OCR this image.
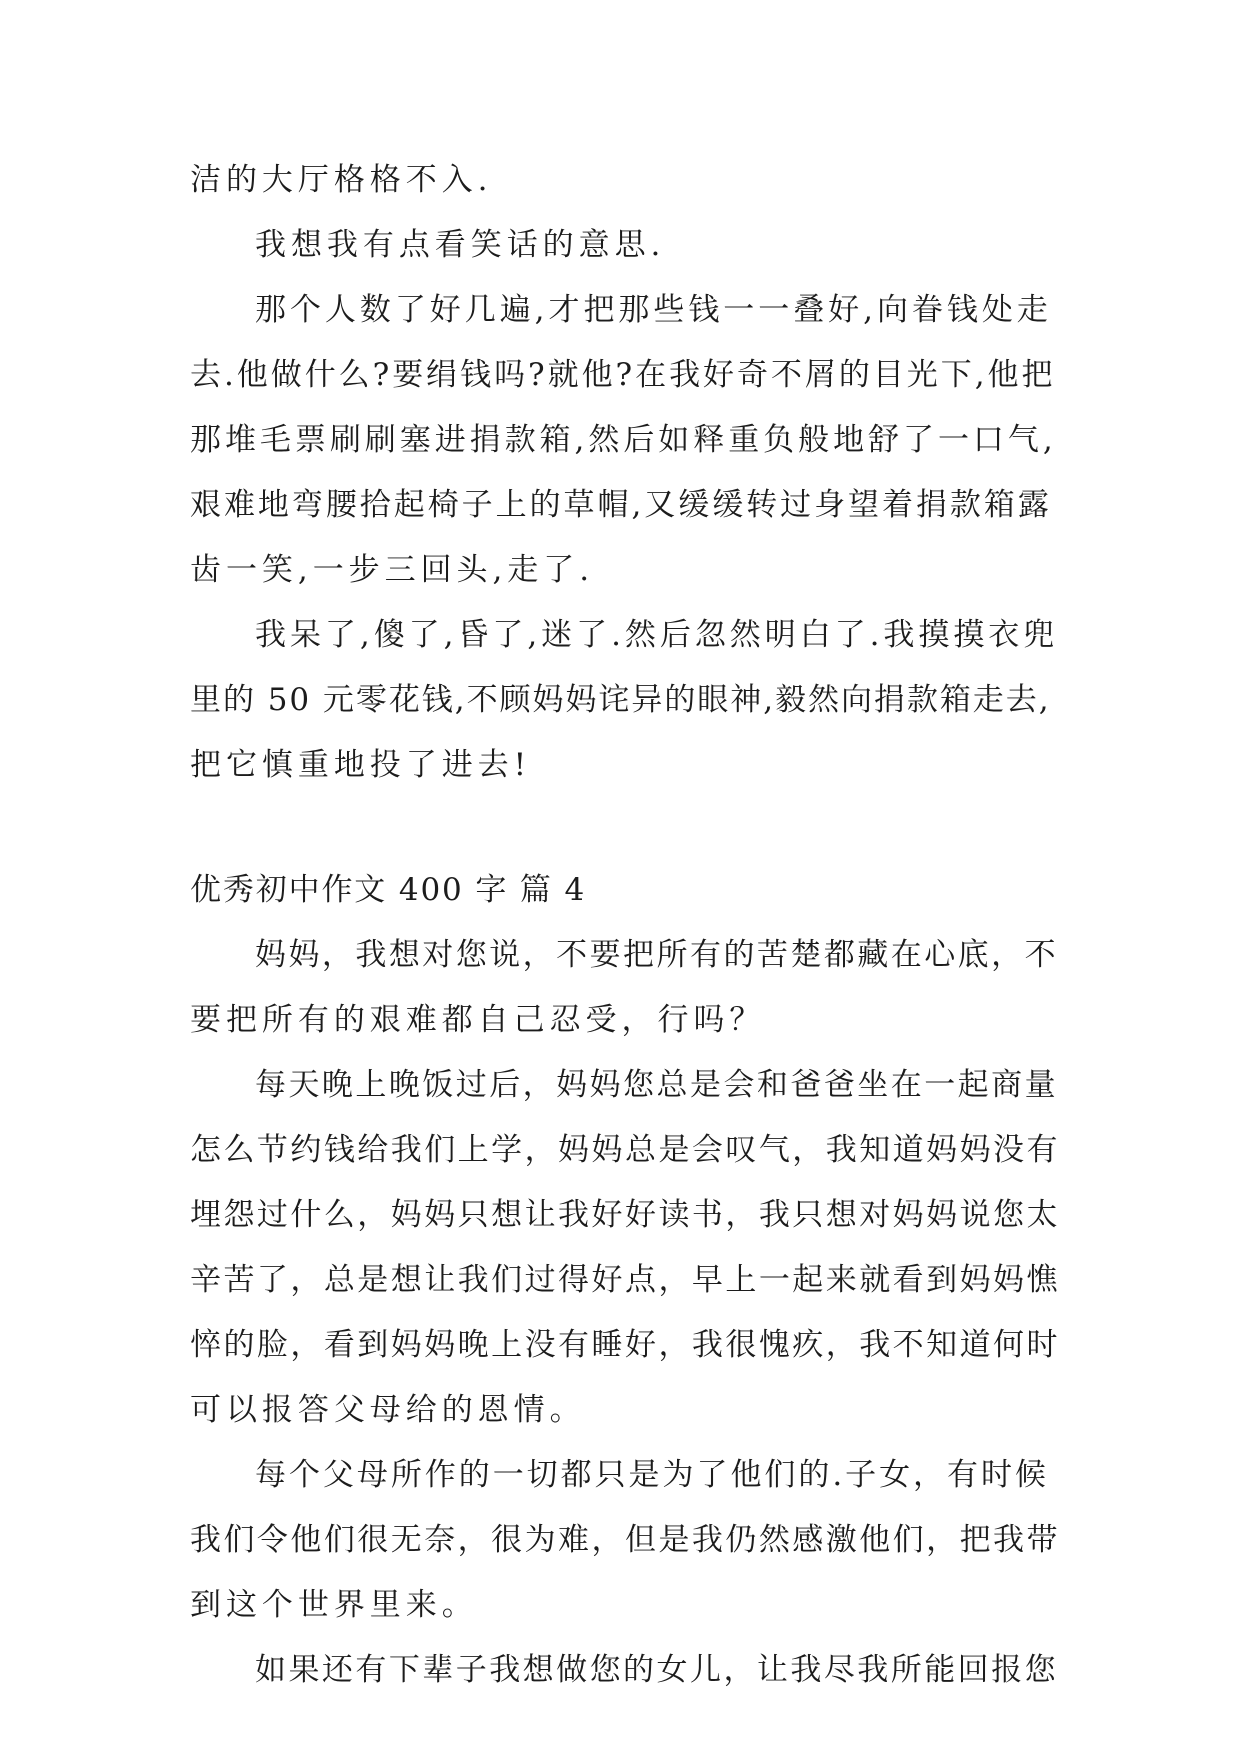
洁的大厅格格不入.
我想我有点看笑话的意思.
那个人数了好几遍,才把那些钱一一叠好,向眷钱处走
去.他做什么?要绢钱吗?就他?在我好奇不屑的目光下,他把
那堆毛票刷刷塞进捐款箱,然后如释重负般地舒了一口气,
艰难地弯腰拾起椅子上的草帽,又缓缓转过身望着捐款箱露
齿一笑,一步三回头,走了.
我呆了,傻了,昏了,迷了.然后忽然明白了.我摸摸衣兜
里的 50 元零花钱,不顾妈妈诧异的眼神,毅然向捐款箱走去,
把它慎重地投了进去!
优秀初中作文 400 字 篇 4
妈妈，我想对您说，不要把所有的苦楚都藏在心底，不
要把所有的艰难都自己忍受，行吗？
每天晚上晚饭过后，妈妈您总是会和爸爸坐在一起商量
怎么节约钱给我们上学，妈妈总是会叹气，我知道妈妈没有
埋怨过什么，妈妈只想让我好好读书，我只想对妈妈说您太
辛苦了，总是想让我们过得好点，早上一起来就看到妈妈憔
悴的脸，看到妈妈晚上没有睡好，我很愧疚，我不知道何时
可以报答父母给的恩情。
每个父母所作的一切都只是为了他们的.子女，有时候
我们令他们很无奈，很为难，但是我仍然感激他们，把我带
到这个世界里来。
如果还有下辈子我想做您的女儿，让我尽我所能回报您
